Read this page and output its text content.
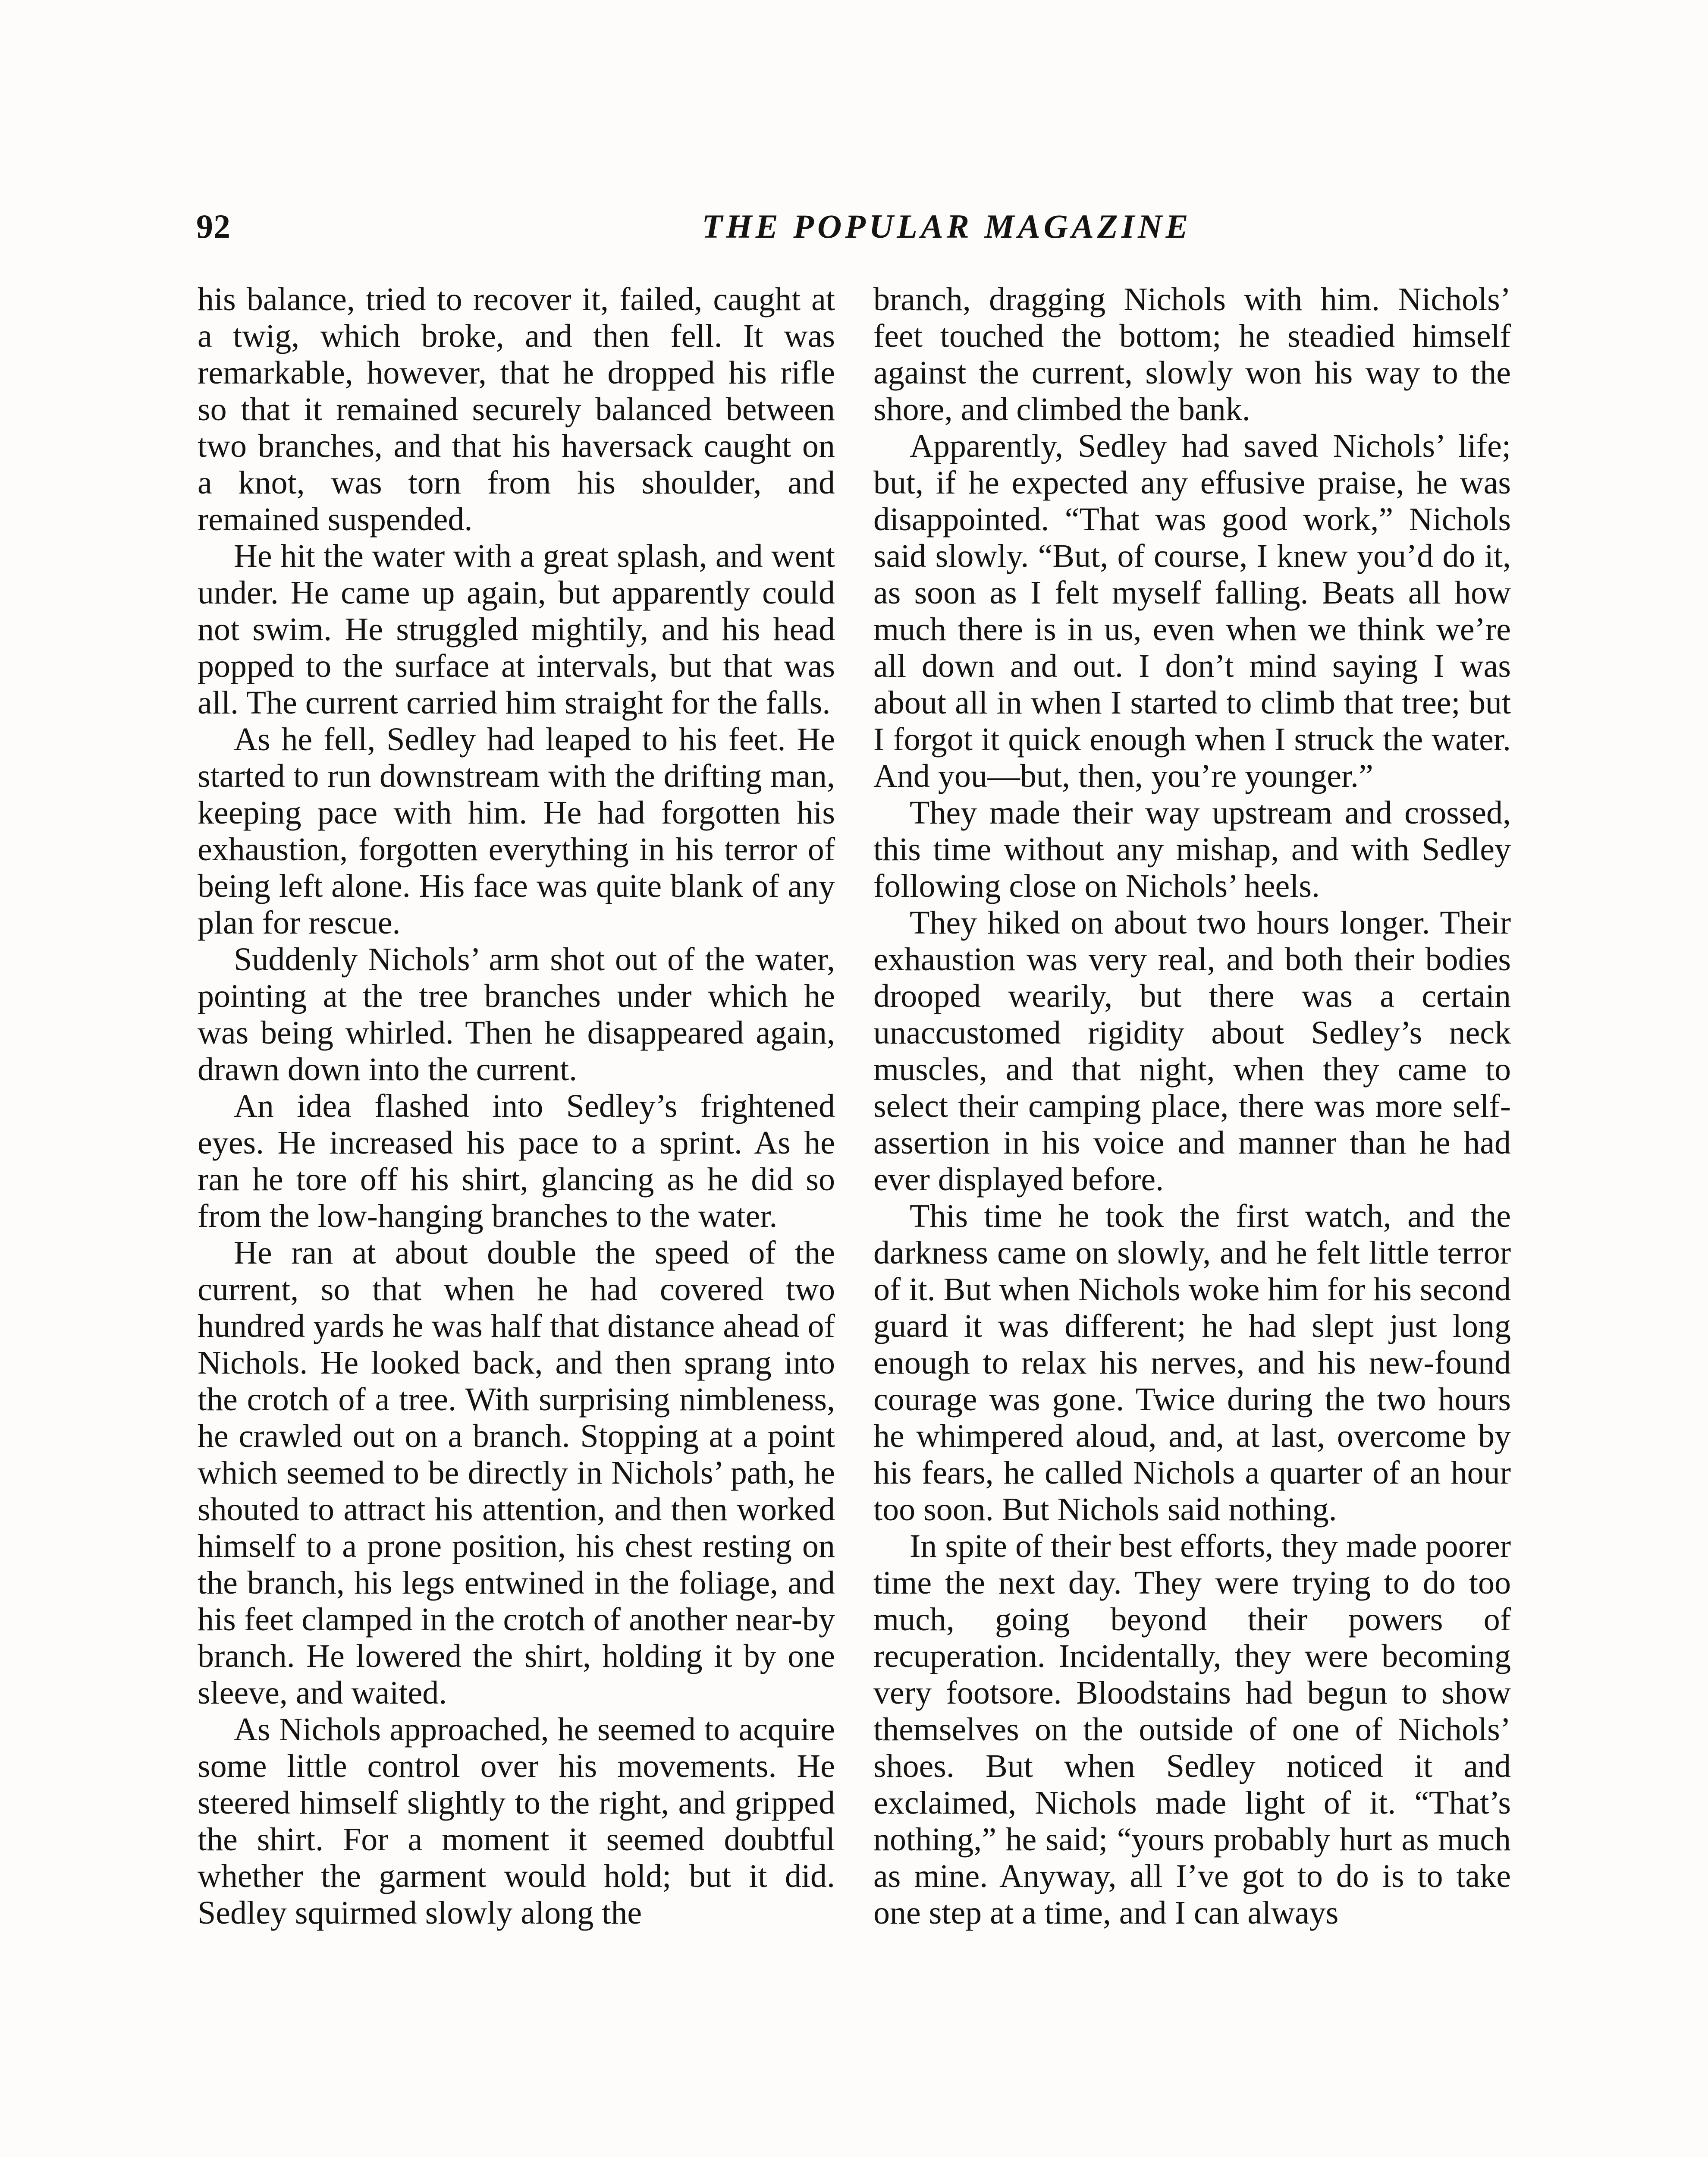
92	THE POPULAR MAGAZINE

his balance, tried to recover it, failed, caught at a twig, which broke, and then fell. It was remarkable, however, that he dropped his rifle so that it remained securely balanced between two branches, and that his haversack caught on a knot, was torn from his shoulder, and remained suspended.

He hit the water with a great splash, and went under. He came up again, but apparently could not swim. He struggled mightily, and his head popped to the surface at intervals, but that was all. The current carried him straight for the falls.

As he fell, Sedley had leaped to his feet. He started to run downstream with the drifting man, keeping pace with him. He had forgotten his exhaustion, forgotten everything in his terror of being left alone. His face was quite blank of any plan for rescue.

Suddenly Nichols’ arm shot out of the water, pointing at the tree branches under which he was being whirled. Then he disappeared again, drawn down into the current.

An idea flashed into Sedley’s frightened eyes. He increased his pace to a sprint. As he ran he tore off his shirt, glancing as he did so from the low-hanging branches to the water.

He ran at about double the speed of the current, so that when he had covered two hundred yards he was half that distance ahead of Nichols. He looked back, and then sprang into the crotch of a tree. With surprising nimbleness, he crawled out on a branch. Stopping at a point which seemed to be directly in Nichols’ path, he shouted to attract his attention, and then worked himself to a prone position, his chest resting on the branch, his legs entwined in the foliage, and his feet clamped in the crotch of another near-by branch. He lowered the shirt, holding it by one sleeve, and waited.

As Nichols approached, he seemed to acquire some little control over his movements. He steered himself slightly to the right, and gripped the shirt. For a moment it seemed doubtful whether the garment would hold; but it did. Sedley squirmed slowly along the

branch, dragging Nichols with him. Nichols’ feet touched the bottom; he steadied himself against the current, slowly won his way to the shore, and climbed the bank.

Apparently, Sedley had saved Nichols’ life; but, if he expected any effusive praise, he was disappointed. “That was good work,” Nichols said slowly. “But, of course, I knew you’d do it, as soon as I felt myself falling. Beats all how much there is in us, even when we think we’re all down and out. I don’t mind saying I was about all in when I started to climb that tree; but I forgot it quick enough when I struck the water. And you—but, then, you’re younger.”

They made their way upstream and crossed, this time without any mishap, and with Sedley following close on Nichols’ heels.

They hiked on about two hours longer. Their exhaustion was very real, and both their bodies drooped wearily, but there was a certain unaccustomed rigidity about Sedley’s neck muscles, and that night, when they came to select their camping place, there was more self-assertion in his voice and manner than he had ever displayed before.

This time he took the first watch, and the darkness came on slowly, and he felt little terror of it. But when Nichols woke him for his second guard it was different; he had slept just long enough to relax his nerves, and his new-found courage was gone. Twice during the two hours he whimpered aloud, and, at last, overcome by his fears, he called Nichols a quarter of an hour too soon. But Nichols said nothing.

In spite of their best efforts, they made poorer time the next day. They were trying to do too much, going beyond their powers of recuperation. Incidentally, they were becoming very footsore. Bloodstains had begun to show themselves on the outside of one of Nichols’ shoes. But when Sedley noticed it and exclaimed, Nichols made light of it. “That’s nothing,” he said; “yours probably hurt as much as mine. Anyway, all I’ve got to do is to take one step at a time, and I can always
